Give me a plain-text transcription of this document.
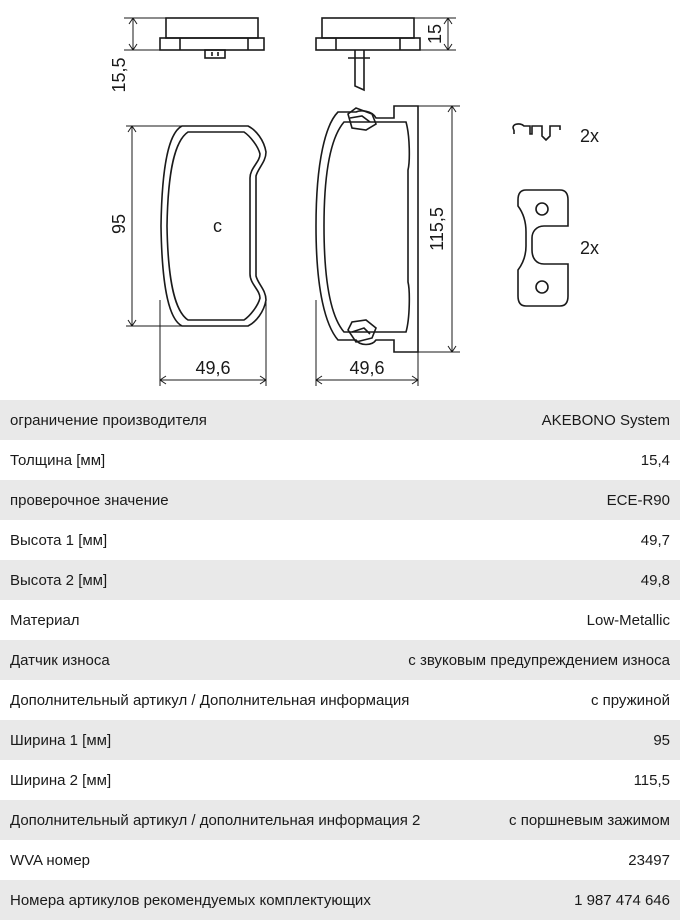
15,5
15
c
95
49,6
115,5
49,6
2x
2x
ограничение производителя	AKEBONO System
Толщина [мм]	15,4
проверочное значение	ECE-R90
Высота 1 [мм]	49,7
Высота 2 [мм]	49,8
Материал	Low-Metallic
Датчик износа	с звуковым предупреждением износа
Дополнительный артикул / Дополнительная информация	с пружиной
Ширина 1 [мм]	95
Ширина 2 [мм]	115,5
Дополнительный артикул / дополнительная информация 2	с поршневым зажимом
WVA номер	23497
Номера артикулов рекомендуемых комплектующих	1 987 474 646
